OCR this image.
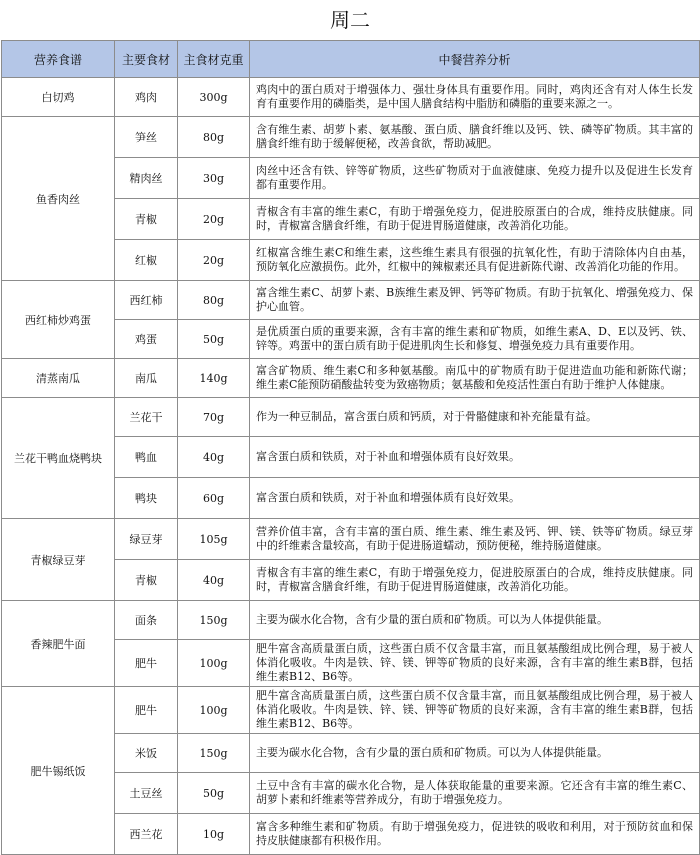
周二
营养食谱	主要食材	主食材克重	中餐营养分析
白切鸡	鸡肉	300g	鸡肉中的蛋白质对于增强体力、强壮身体具有重要作用。同时，鸡肉还含有对人体生长发育有重要作用的磷脂类，是中国人膳食结构中脂肪和磷脂的重要来源之一。
鱼香肉丝	笋丝	80g	含有维生素、胡萝卜素、氨基酸、蛋白质、膳食纤维以及钙、铁、磷等矿物质。其丰富的膳食纤维有助于缓解便秘，改善食欲，帮助减肥。
	精肉丝	30g	肉丝中还含有铁、锌等矿物质，这些矿物质对于血液健康、免疫力提升以及促进生长发育都有重要作用。
	青椒	20g	青椒含有丰富的维生素C，有助于增强免疫力，促进胶原蛋白的合成，维持皮肤健康。同时，青椒富含膳食纤维，有助于促进胃肠道健康，改善消化功能。
	红椒	20g	红椒富含维生素C和维生素，这些维生素具有很强的抗氧化性，有助于清除体内自由基，预防氧化应激损伤。此外，红椒中的辣椒素还具有促进新陈代谢、改善消化功能的作用。
西红柿炒鸡蛋	西红柿	80g	富含维生素C、胡萝卜素、B族维生素及钾、钙等矿物质。有助于抗氧化、增强免疫力、保护心血管。
	鸡蛋	50g	是优质蛋白质的重要来源，含有丰富的维生素和矿物质，如维生素A、D、E以及钙、铁、锌等。鸡蛋中的蛋白质有助于促进肌肉生长和修复、增强免疫力具有重要作用。
清蒸南瓜	南瓜	140g	富含矿物质、维生素C和多种氨基酸。南瓜中的矿物质有助于促进造血功能和新陈代谢；维生素C能预防硝酸盐转变为致癌物质；氨基酸和免疫活性蛋白有助于维护人体健康。
兰花干鸭血烧鸭块	兰花干	70g	作为一种豆制品，富含蛋白质和钙质，对于骨骼健康和补充能量有益。
	鸭血	40g	富含蛋白质和铁质，对于补血和增强体质有良好效果。
	鸭块	60g	富含蛋白质和铁质，对于补血和增强体质有良好效果。
青椒绿豆芽	绿豆芽	105g	营养价值丰富，含有丰富的蛋白质、维生素、维生素及钙、钾、镁、铁等矿物质。绿豆芽中的纤维素含量较高，有助于促进肠道蠕动，预防便秘，维持肠道健康。
	青椒	40g	青椒含有丰富的维生素C，有助于增强免疫力，促进胶原蛋白的合成，维持皮肤健康。同时，青椒富含膳食纤维，有助于促进胃肠道健康，改善消化功能。
香辣肥牛面	面条	150g	主要为碳水化合物，含有少量的蛋白质和矿物质。可以为人体提供能量。
	肥牛	100g	肥牛富含高质量蛋白质，这些蛋白质不仅含量丰富，而且氨基酸组成比例合理，易于被人体消化吸收。牛肉是铁、锌、镁、钾等矿物质的良好来源，含有丰富的维生素B群，包括维生素B12、B6等。
肥牛锡纸饭	肥牛	100g	肥牛富含高质量蛋白质，这些蛋白质不仅含量丰富，而且氨基酸组成比例合理，易于被人体消化吸收。牛肉是铁、锌、镁、钾等矿物质的良好来源，含有丰富的维生素B群，包括维生素B12、B6等。
	米饭	150g	主要为碳水化合物，含有少量的蛋白质和矿物质。可以为人体提供能量。
	土豆丝	50g	土豆中含有丰富的碳水化合物，是人体获取能量的重要来源。它还含有丰富的维生素C、胡萝卜素和纤维素等营养成分，有助于增强免疫力。
	西兰花	10g	富含多种维生素和矿物质。有助于增强免疫力，促进铁的吸收和利用，对于预防贫血和保持皮肤健康都有积极作用。
